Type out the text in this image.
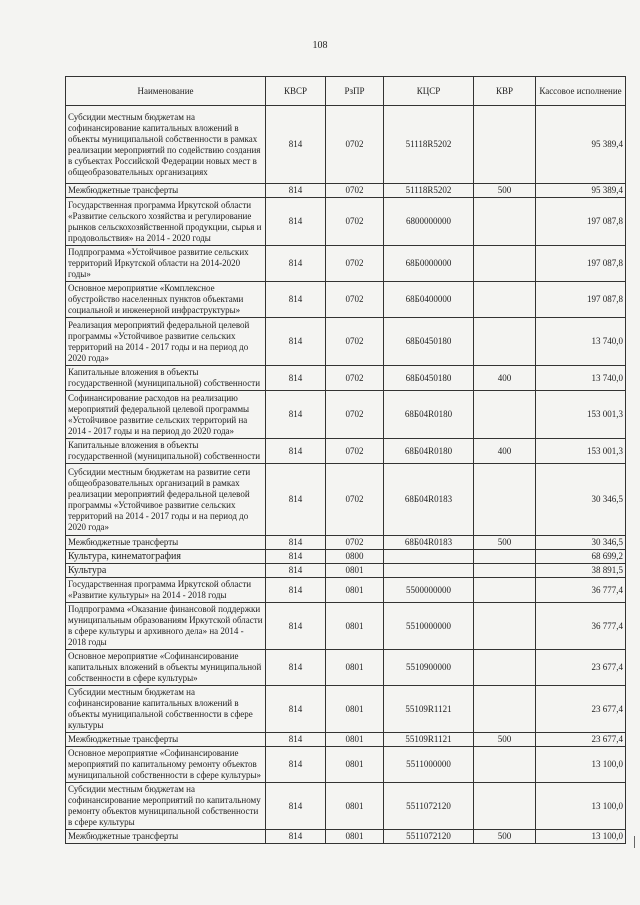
108
Наименование	КВСР	РзПР	КЦСР	КВР	Кассовое исполнение
Субсидии местным бюджетам на софинансирование капитальных вложений в объекты муниципальной собственности в рамках реализации мероприятий по содействию создания в субъектах Российской Федерации новых мест в общеобразовательных организациях	814	0702	51118R5202		95 389,4
Межбюджетные трансферты	814	0702	51118R5202	500	95 389,4
Государственная программа Иркутской области «Развитие сельского хозяйства и регулирование рынков сельскохозяйственной продукции, сырья и продовольствия» на 2014 - 2020 годы	814	0702	6800000000		197 087,8
Подпрограмма «Устойчивое развитие сельских территорий Иркутской области на 2014-2020 годы»	814	0702	68Б0000000		197 087,8
Основное мероприятие «Комплексное обустройство населенных пунктов объектами социальной и инженерной инфраструктуры»	814	0702	68Б0400000		197 087,8
Реализация мероприятий федеральной целевой программы «Устойчивое развитие сельских территорий на 2014 - 2017 годы и на период до 2020 года»	814	0702	68Б0450180		13 740,0
Капитальные вложения в объекты государственной (муниципальной) собственности	814	0702	68Б0450180	400	13 740,0
Софинансирование расходов на реализацию мероприятий федеральной целевой программы «Устойчивое развитие сельских территорий на 2014 - 2017 годы и на период до 2020 года»	814	0702	68Б04R0180		153 001,3
Капитальные вложения в объекты государственной (муниципальной) собственности	814	0702	68Б04R0180	400	153 001,3
Субсидии местным бюджетам на развитие сети общеобразовательных организаций в рамках реализации мероприятий федеральной целевой программы «Устойчивое развитие сельских территорий на 2014 - 2017 годы и на период до 2020 года»	814	0702	68Б04R0183		30 346,5
Межбюджетные трансферты	814	0702	68Б04R0183	500	30 346,5
Культура, кинематография	814	0800			68 699,2
Культура	814	0801			38 891,5
Государственная программа Иркутской области «Развитие культуры» на 2014 - 2018 годы	814	0801	5500000000		36 777,4
Подпрограмма «Оказание финансовой поддержки муниципальным образованиям Иркутской области в сфере культуры и архивного дела» на 2014 - 2018 годы	814	0801	5510000000		36 777,4
Основное мероприятие «Софинансирование капитальных вложений в объекты муниципальной собственности в сфере культуры»	814	0801	5510900000		23 677,4
Субсидии местным бюджетам на софинансирование капитальных вложений в объекты муниципальной собственности в сфере культуры	814	0801	55109R1121		23 677,4
Межбюджетные трансферты	814	0801	55109R1121	500	23 677,4
Основное мероприятие «Софинансирование мероприятий по капитальному ремонту объектов муниципальной собственности в сфере культуры»	814	0801	5511000000		13 100,0
Субсидии местным бюджетам на софинансирование мероприятий по капитальному ремонту объектов муниципальной собственности в сфере культуры	814	0801	5511072120		13 100,0
Межбюджетные трансферты	814	0801	5511072120	500	13 100,0
